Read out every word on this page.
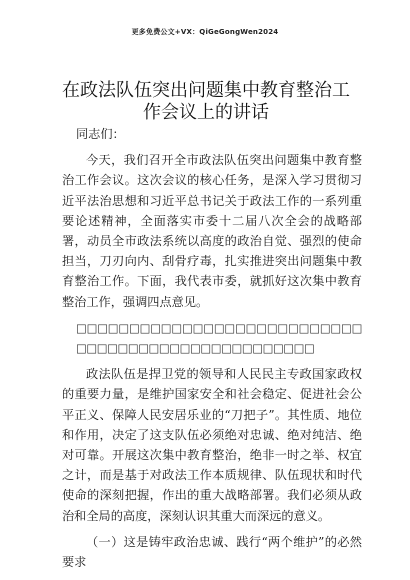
更多免费公文+VX：QiGeGongWen2024
在政法队伍突出问题集中教育整治工作会议上的讲话
同志们：

今天，我们召开全市政法队伍突出问题集中教育整治工作会议。这次会议的核心任务，是深入学习贯彻习近平法治思想和习近平总书记关于政法工作的一系列重要论述精神，全面落实市委十二届八次全会的战略部署，动员全市政法系统以高度的政治自觉、强烈的使命担当，刀刃向内、刮骨疗毒，扎实推进突出问题集中教育整治工作。下面，我代表市委，就抓好这次集中教育整治工作，强调四点意见。

□□□□□□□□□□□□□□□□□□□□□□□□□□□□□□□□□□□□□□□□□□□□□□□□□□

政法队伍是捍卫党的领导和人民民主专政国家政权的重要力量，是维护国家安全和社会稳定、促进社会公平正义、保障人民安居乐业的“刀把子”。其性质、地位和作用，决定了这支队伍必须绝对忠诚、绝对纯洁、绝对可靠。开展这次集中教育整治，绝非一时之举、权宜之计，而是基于对政法工作本质规律、队伍现状和时代使命的深刻把握，作出的重大战略部署。我们必须从政治和全局的高度，深刻认识其重大而深远的意义。

（一）这是铸牢政治忠诚、践行“两个维护”的必然要求
